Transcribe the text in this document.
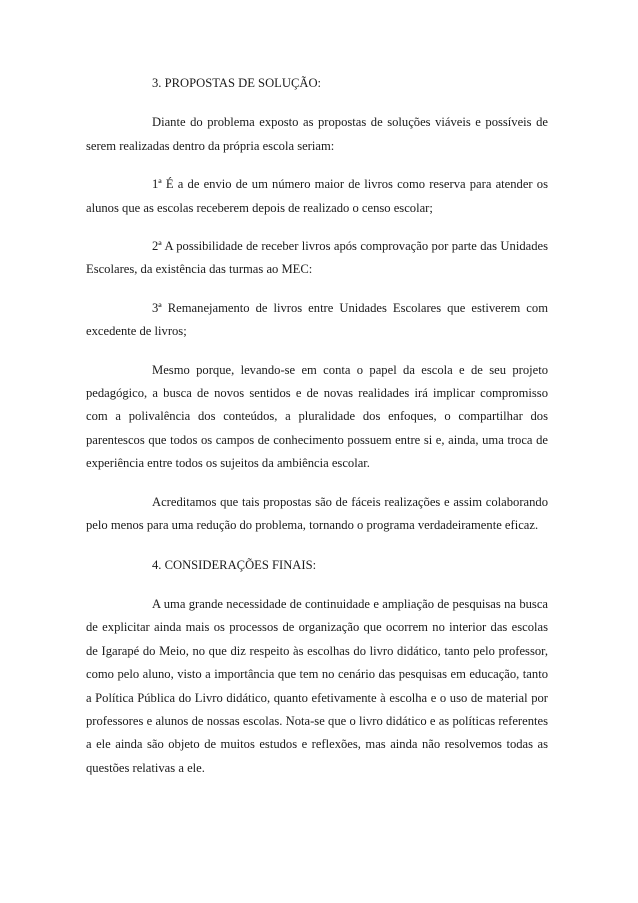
3. PROPOSTAS DE SOLUÇÃO:

Diante do problema exposto as propostas de soluções viáveis e possíveis de serem realizadas dentro da própria escola seriam:

1ª É a de envio de um número maior de livros como reserva para atender os alunos que as escolas receberem depois de realizado o censo escolar;

2ª A possibilidade de receber livros após comprovação por parte das Unidades Escolares, da existência das turmas ao MEC:

3ª Remanejamento de livros entre Unidades Escolares que estiverem com excedente de livros;

Mesmo porque, levando-se em conta o papel da escola e de seu projeto pedagógico, a busca de novos sentidos e de novas realidades irá implicar compromisso com a polivalência dos conteúdos, a pluralidade dos enfoques, o compartilhar dos parentescos que todos os campos de conhecimento possuem entre si e, ainda, uma troca de experiência entre todos os sujeitos da ambiência escolar.

Acreditamos que tais propostas são de fáceis realizações e assim colaborando pelo menos para uma redução do problema, tornando o programa verdadeiramente eficaz.

4. CONSIDERAÇÕES FINAIS:

A uma grande necessidade de continuidade e ampliação de pesquisas na busca de explicitar ainda mais os processos de organização que ocorrem no interior das escolas de Igarapé do Meio, no que diz respeito às escolhas do livro didático, tanto pelo professor, como pelo aluno, visto a importância que tem no cenário das pesquisas em educação, tanto a Política Pública do Livro didático, quanto efetivamente à escolha e o uso de material por professores e alunos de nossas escolas. Nota-se que o livro didático e as políticas referentes a ele ainda são objeto de muitos estudos e reflexões, mas ainda não resolvemos todas as questões relativas a ele.
